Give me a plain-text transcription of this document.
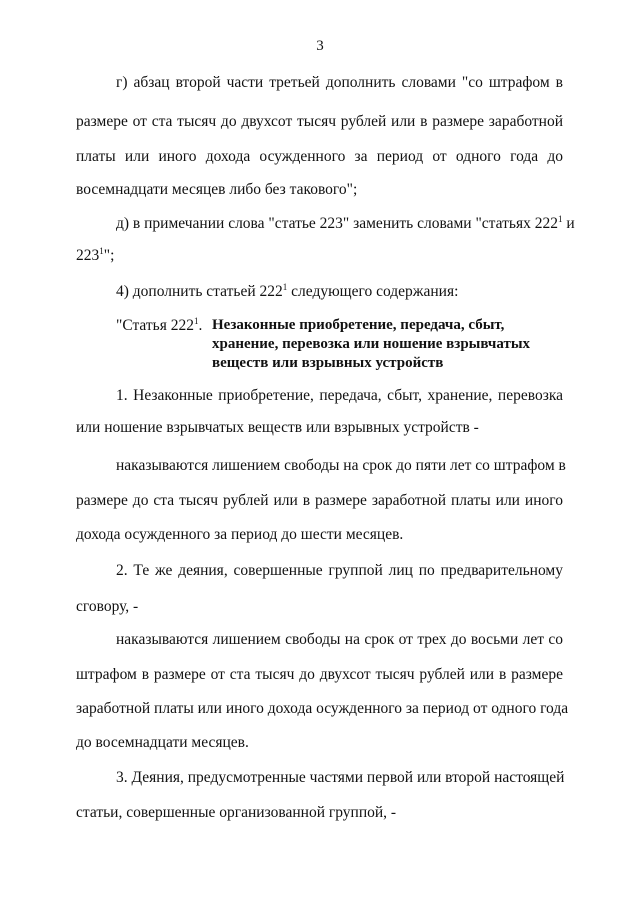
3
г) абзац второй части третьей дополнить словами "со штрафом в
размере от ста тысяч до двухсот тысяч рублей или в размере заработной
платы или иного дохода осужденного за период от одного года до
восемнадцати месяцев либо без такового";
д) в примечании слова "статье 223" заменить словами "статьях $222^1$ и
$223^1$";
4) дополнить статьей $222^1$ следующего содержания:
"Статья $222^1$. Незаконные приобретение, передача, сбыт,
хранение, перевозка или ношение взрывчатых
веществ или взрывных устройств
1. Незаконные приобретение, передача, сбыт, хранение, перевозка
или ношение взрывчатых веществ или взрывных устройств -
наказываются лишением свободы на срок до пяти лет со штрафом в
размере до ста тысяч рублей или в размере заработной платы или иного
дохода осужденного за период до шести месяцев.
2. Те же деяния, совершенные группой лиц по предварительному
сговору, -
наказываются лишением свободы на срок от трех до восьми лет со
штрафом в размере от ста тысяч до двухсот тысяч рублей или в размере
заработной платы или иного дохода осужденного за период от одного года
до восемнадцати месяцев.
3. Деяния, предусмотренные частями первой или второй настоящей
статьи, совершенные организованной группой, -
